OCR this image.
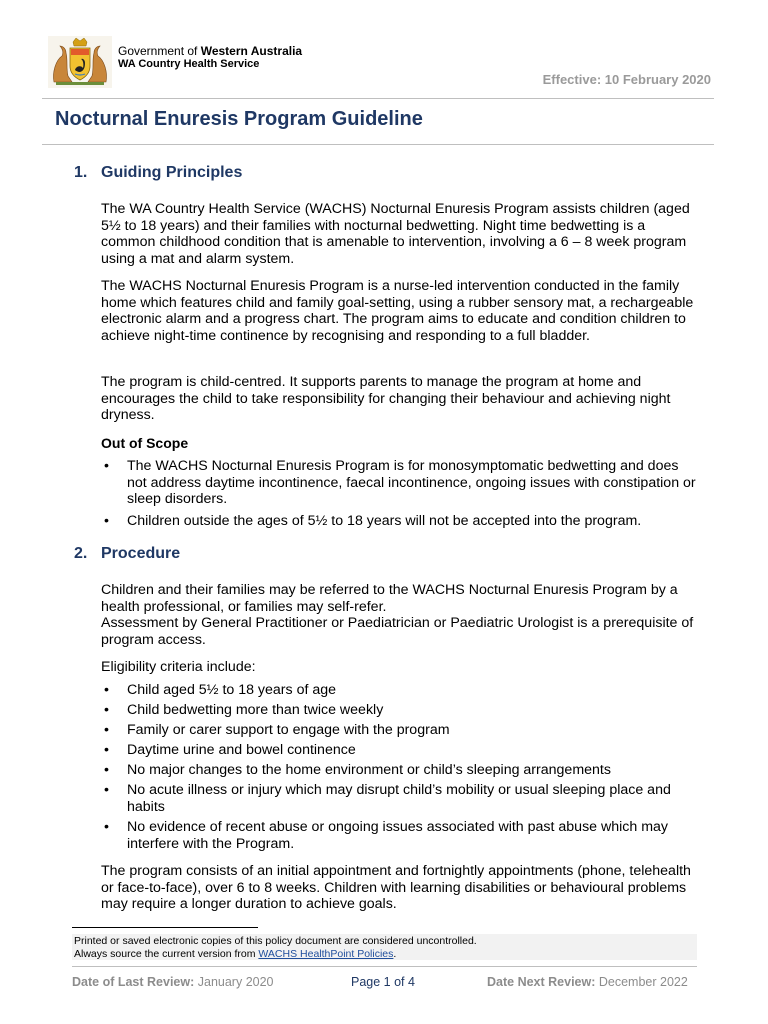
Government of Western Australia
WA Country Health Service
Effective: 10 February 2020
Nocturnal Enuresis Program Guideline
1. Guiding Principles
The WA Country Health Service (WACHS) Nocturnal Enuresis Program assists children (aged 5½ to 18 years) and their families with nocturnal bedwetting. Night time bedwetting is a common childhood condition that is amenable to intervention, involving a 6 – 8 week program using a mat and alarm system.
The WACHS Nocturnal Enuresis Program is a nurse-led intervention conducted in the family home which features child and family goal-setting, using a rubber sensory mat, a rechargeable electronic alarm and a progress chart. The program aims to educate and condition children to achieve night-time continence by recognising and responding to a full bladder.
The program is child-centred. It supports parents to manage the program at home and encourages the child to take responsibility for changing their behaviour and achieving night dryness.
Out of Scope
• The WACHS Nocturnal Enuresis Program is for monosymptomatic bedwetting and does not address daytime incontinence, faecal incontinence, ongoing issues with constipation or sleep disorders.
• Children outside the ages of 5½ to 18 years will not be accepted into the program.
2. Procedure

Children and their families may be referred to the WACHS Nocturnal Enuresis Program by a health professional, or families may self-refer.

Assessment by General Practitioner or Paediatrician or Paediatric Urologist is a prerequisite of program access.

Eligibility criteria include:
• Child aged 5½ to 18 years of age
• Child bedwetting more than twice weekly
• Family or carer support to engage with the program
• Daytime urine and bowel continence
• No major changes to the home environment or child’s sleeping arrangements
• No acute illness or injury which may disrupt child’s mobility or usual sleeping place and habits
• No evidence of recent abuse or ongoing issues associated with past abuse which may interfere with the Program.
The program consists of an initial appointment and fortnightly appointments (phone, telehealth or face-to-face), over 6 to 8 weeks. Children with learning disabilities or behavioural problems may require a longer duration to achieve goals.
Printed or saved electronic copies of this policy document are considered uncontrolled.
Always source the current version from WACHS HealthPoint Policies.
Date of Last Review: January 2020	Page 1 of 4	Date Next Review: December 2022
